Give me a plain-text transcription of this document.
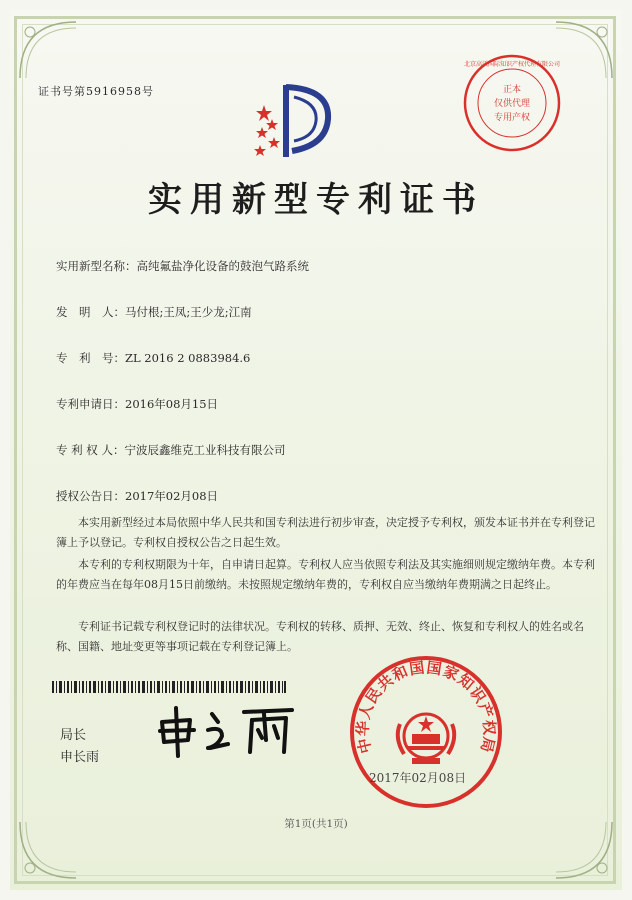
证书号第5916958号	正本
仅供代理
专用产权
北京高沃国际知识产权代理有限公司
实用新型专利证书
实用新型名称：高纯氟盐净化设备的鼓泡气路系统
发　明　人：马付根;王凤;王少龙;江南
专　利　号：ZL 2016 2 0883984.6
专利申请日：2016年08月15日
专 利 权 人：宁波辰鑫维克工业科技有限公司
授权公告日：2017年02月08日
本实用新型经过本局依照中华人民共和国专利法进行初步审查，决定授予专利权，颁发本证书并在专利登记簿上予以登记。专利权自授权公告之日起生效。
本专利的专利权期限为十年，自申请日起算。专利权人应当依照专利法及其实施细则规定缴纳年费。本专利的年费应当在每年08月15日前缴纳。未按照规定缴纳年费的，专利权自应当缴纳年费期满之日起终止。
专利证书记载专利权登记时的法律状况。专利权的转移、质押、无效、终止、恢复和专利权人的姓名或名称、国籍、地址变更等事项记载在专利登记簿上。
局长
申长雨
中华人民共和国国家知识产权局
2017年02月08日
第1页(共1页)
